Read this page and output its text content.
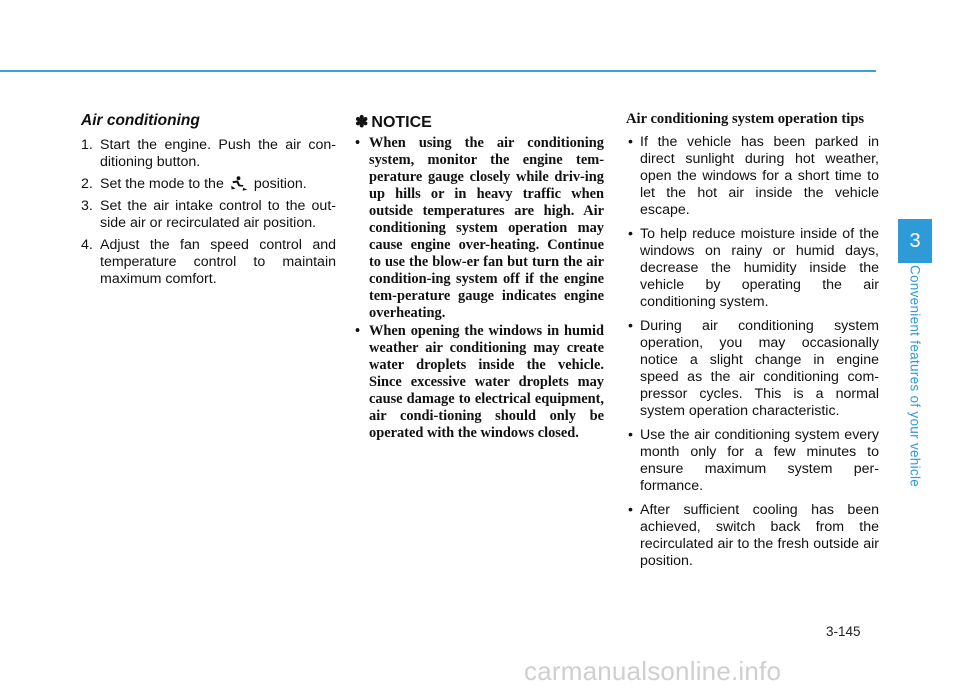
Air conditioning
1. Start the engine. Push the air con-ditioning button.
2. Set the mode to the position.
3. Set the air intake control to the out-side air or recirculated air position.
4. Adjust the fan speed control and temperature control to maintain maximum comfort.
✽ NOTICE
• When using the air conditioning system, monitor the engine tem-perature gauge closely while driv-ing up hills or in heavy traffic when outside temperatures are high. Air conditioning system operation may cause engine over-heating. Continue to use the blow-er fan but turn the air condition-ing system off if the engine tem-perature gauge indicates engine overheating.
• When opening the windows in humid weather air conditioning may create water droplets inside the vehicle. Since excessive water droplets may cause damage to electrical equipment, air condi-tioning should only be operated with the windows closed.
Air conditioning system operation tips
• If the vehicle has been parked in direct sunlight during hot weather, open the windows for a short time to let the hot air inside the vehicle escape.
• To help reduce moisture inside of the windows on rainy or humid days, decrease the humidity inside the vehicle by operating the air conditioning system.
• During air conditioning system operation, you may occasionally notice a slight change in engine speed as the air conditioning com-pressor cycles. This is a normal system operation characteristic.
• Use the air conditioning system every month only for a few minutes to ensure maximum system per-formance.
• After sufficient cooling has been achieved, switch back from the recirculated air to the fresh outside air position.
3
Convenient features of your vehicle
3-145
carmanualsonline.info
